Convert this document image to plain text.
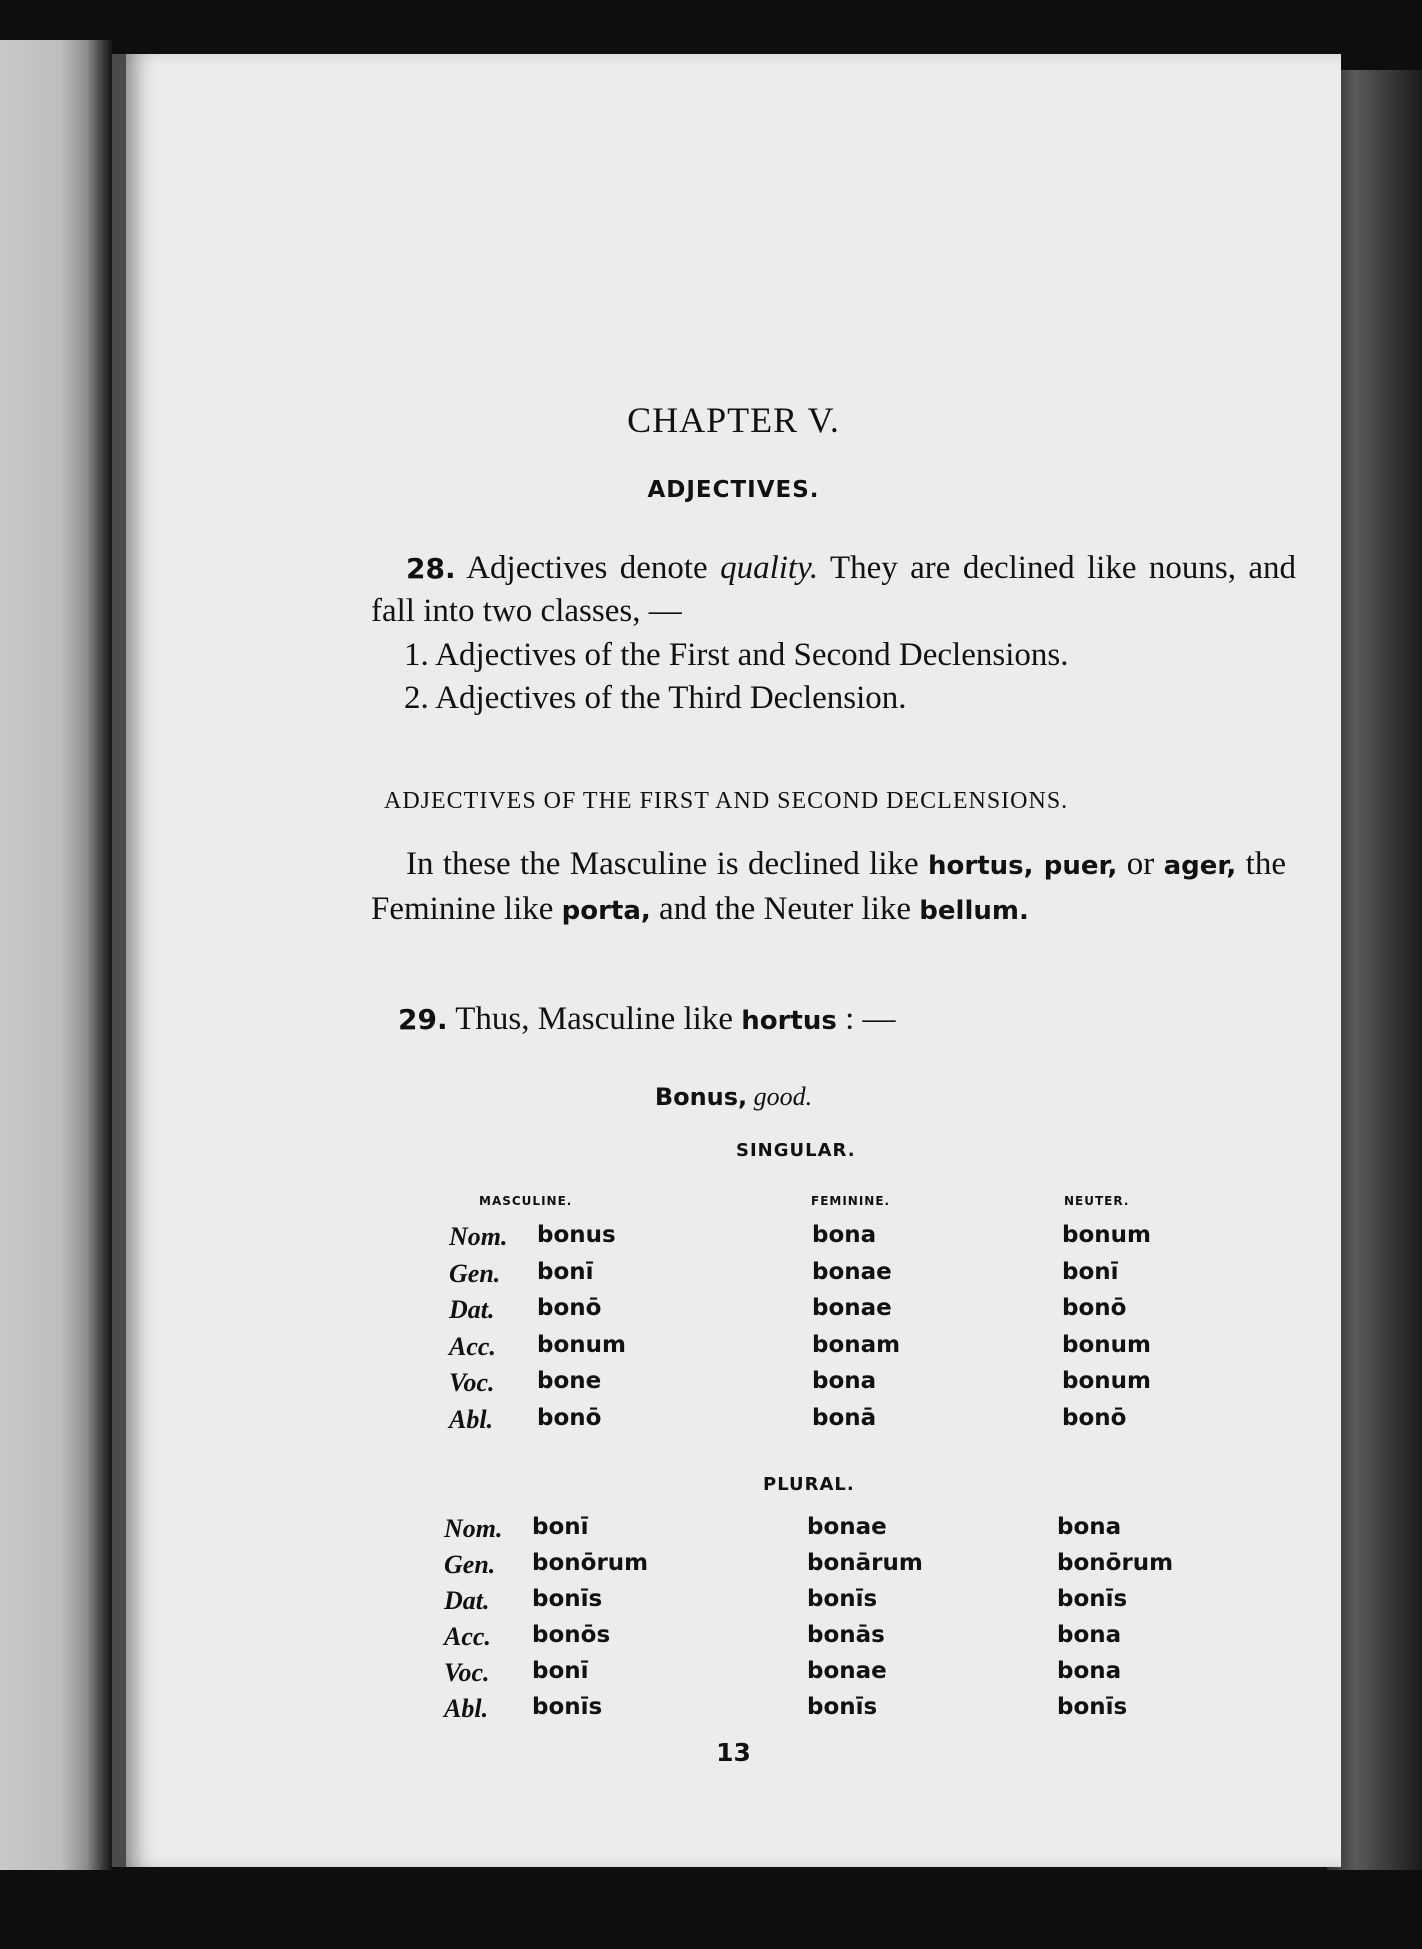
CHAPTER V.
ADJECTIVES.
28. Adjectives denote quality. They are declined like nouns, and fall into two classes, —
1. Adjectives of the First and Second Declensions.
2. Adjectives of the Third Declension.
ADJECTIVES OF THE FIRST AND SECOND DECLENSIONS.
In these the Masculine is declined like hortus, puer, or ager, the Feminine like porta, and the Neuter like bellum.
29. Thus, Masculine like hortus : —
Bonus, good.
SINGULAR.
MASCULINE.	FEMININE.	NEUTER.
Nom. bonus	bona	bonum
Gen. bonī	bonae	bonī
Dat. bonō	bonae	bonō
Acc. bonum	bonam	bonum
Voc. bone	bona	bonum
Abl. bonō	bonā	bonō
PLURAL.
Nom. bonī	bonae	bona
Gen. bonōrum	bonārum	bonōrum
Dat. bonīs	bonīs	bonīs
Acc. bonōs	bonās	bona
Voc. bonī	bonae	bona
Abl. bonīs	bonīs	bonīs
13
